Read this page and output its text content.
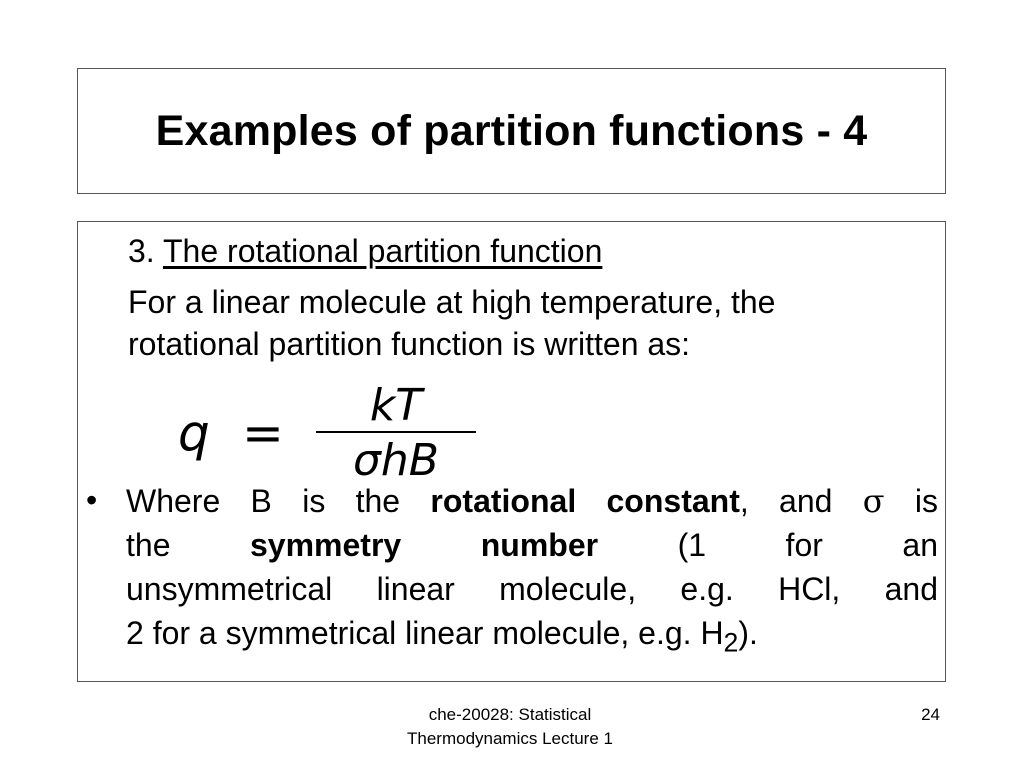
Examples of partition functions - 4
3. The rotational partition function
For a linear molecule at high temperature, the
rotational partition function is written as:
q = kT
σhB
• Where B is the rotational constant, and σ is
the symmetry number (1 for an
unsymmetrical linear molecule, e.g. HCl, and
2 for a symmetrical linear molecule, e.g. $H_2$).
che-20028: Statistical
Thermodynamics Lecture 1
24
